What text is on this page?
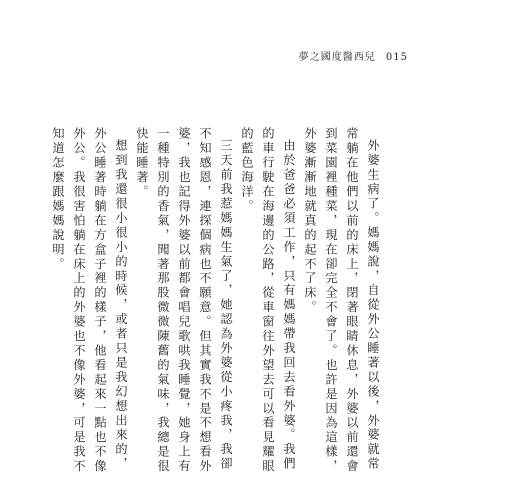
夢之國度醫西兒 015

外婆生病了。媽媽說，自從外公睡著以後，外婆就常常躺在他們以前的床上，閉著眼睛休息，外婆以前還會到菜園裡種菜，現在卻完全不會了。也許是因為這樣，外婆漸漸地就真的起不了床。

由於爸爸必須工作，只有媽媽帶我回去看外婆。我們的車行駛在海邊的公路，從車窗往外望去可以看見耀眼的藍色海洋。

三天前我惹媽媽生氣了，她認為外婆從小疼我，我卻不知感恩，連探個病也不願意。但其實我不是不想看外婆，我也記得外婆以前都會唱兒歌哄我睡覺，她身上有一種特別的香氣，聞著那股微微陳舊的氣味，我總是很快能睡著。

想到我還很小很小的時候，或者只是我幻想出來的，外公睡著時躺在方盒子裡的樣子，他看起來一點也不像外公。我很害怕躺在床上的外婆也不像外婆，可是我不知道怎麼跟媽媽說明。
